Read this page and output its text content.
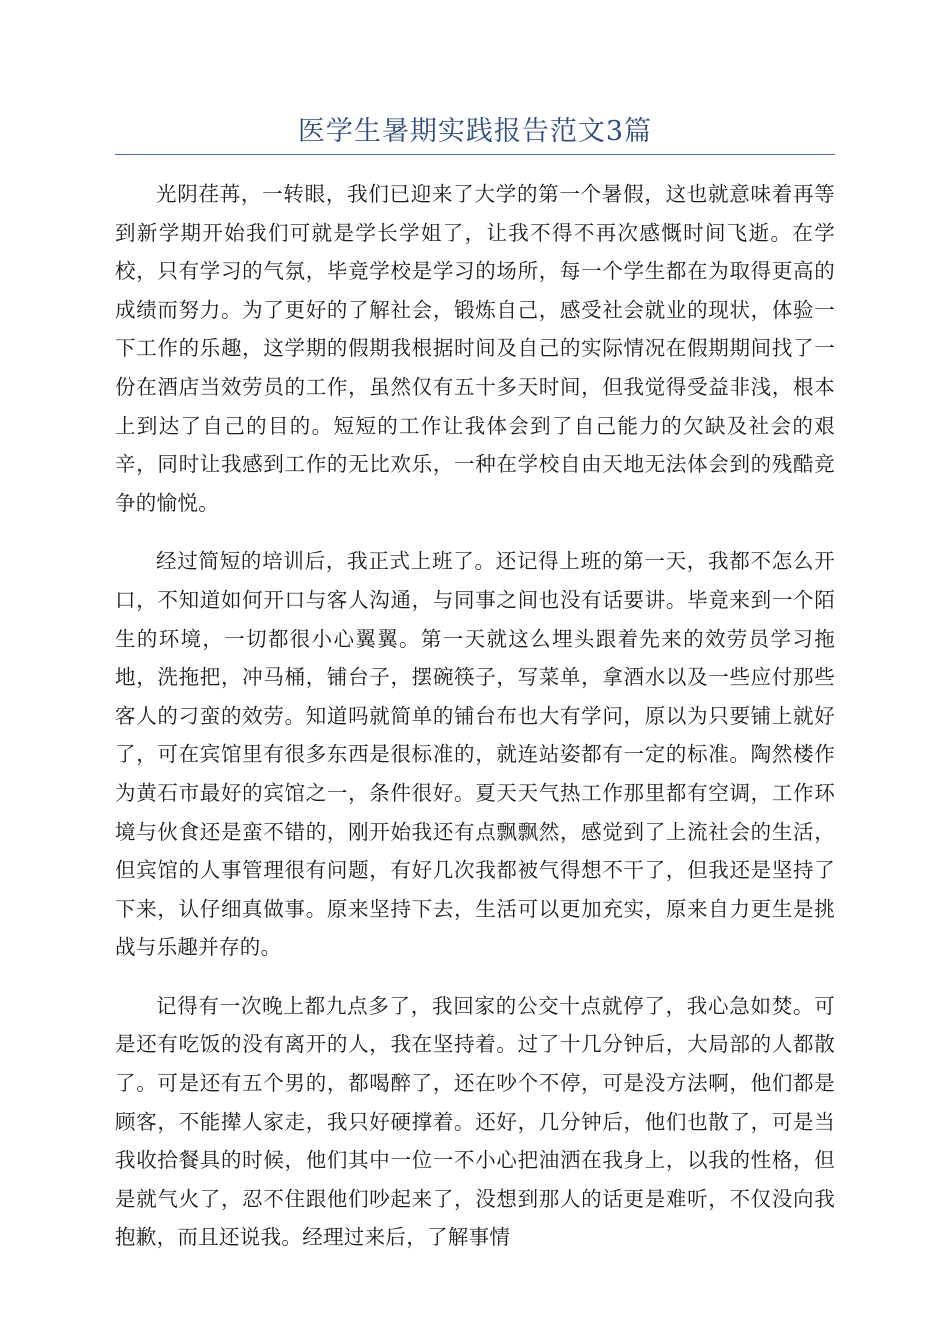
医学生暑期实践报告范文3篇

光阴荏苒，一转眼，我们已迎来了大学的第一个暑假，这也就意味着再等到新学期开始我们可就是学长学姐了，让我不得不再次感慨时间飞逝。在学校，只有学习的气氛，毕竟学校是学习的场所，每一个学生都在为取得更高的成绩而努力。为了更好的了解社会，锻炼自己，感受社会就业的现状，体验一下工作的乐趣，这学期的假期我根据时间及自己的实际情况在假期期间找了一份在酒店当效劳员的工作，虽然仅有五十多天时间，但我觉得受益非浅，根本上到达了自己的目的。短短的工作让我体会到了自己能力的欠缺及社会的艰辛，同时让我感到工作的无比欢乐，一种在学校自由天地无法体会到的残酷竞争的愉悦。

经过简短的培训后，我正式上班了。还记得上班的第一天，我都不怎么开口，不知道如何开口与客人沟通，与同事之间也没有话要讲。毕竟来到一个陌生的环境，一切都很小心翼翼。第一天就这么埋头跟着先来的效劳员学习拖地，洗拖把，冲马桶，铺台子，摆碗筷子，写菜单，拿酒水以及一些应付那些客人的刁蛮的效劳。知道吗就简单的铺台布也大有学问，原以为只要铺上就好了，可在宾馆里有很多东西是很标准的，就连站姿都有一定的标准。陶然楼作为黄石市最好的宾馆之一，条件很好。夏天天气热工作那里都有空调，工作环境与伙食还是蛮不错的，刚开始我还有点飘飘然，感觉到了上流社会的生活，但宾馆的人事管理很有问题，有好几次我都被气得想不干了，但我还是坚持了下来，认仔细真做事。原来坚持下去，生活可以更加充实，原来自力更生是挑战与乐趣并存的。

记得有一次晚上都九点多了，我回家的公交十点就停了，我心急如焚。可是还有吃饭的没有离开的人，我在坚持着。过了十几分钟后，大局部的人都散了。可是还有五个男的，都喝醉了，还在吵个不停，可是没方法啊，他们都是顾客，不能撵人家走，我只好硬撑着。还好，几分钟后，他们也散了，可是当我收拾餐具的时候，他们其中一位一不小心把油洒在我身上，以我的性格，但是就气火了，忍不住跟他们吵起来了，没想到那人的话更是难听，不仅没向我抱歉，而且还说我。经理过来后，了解事情
